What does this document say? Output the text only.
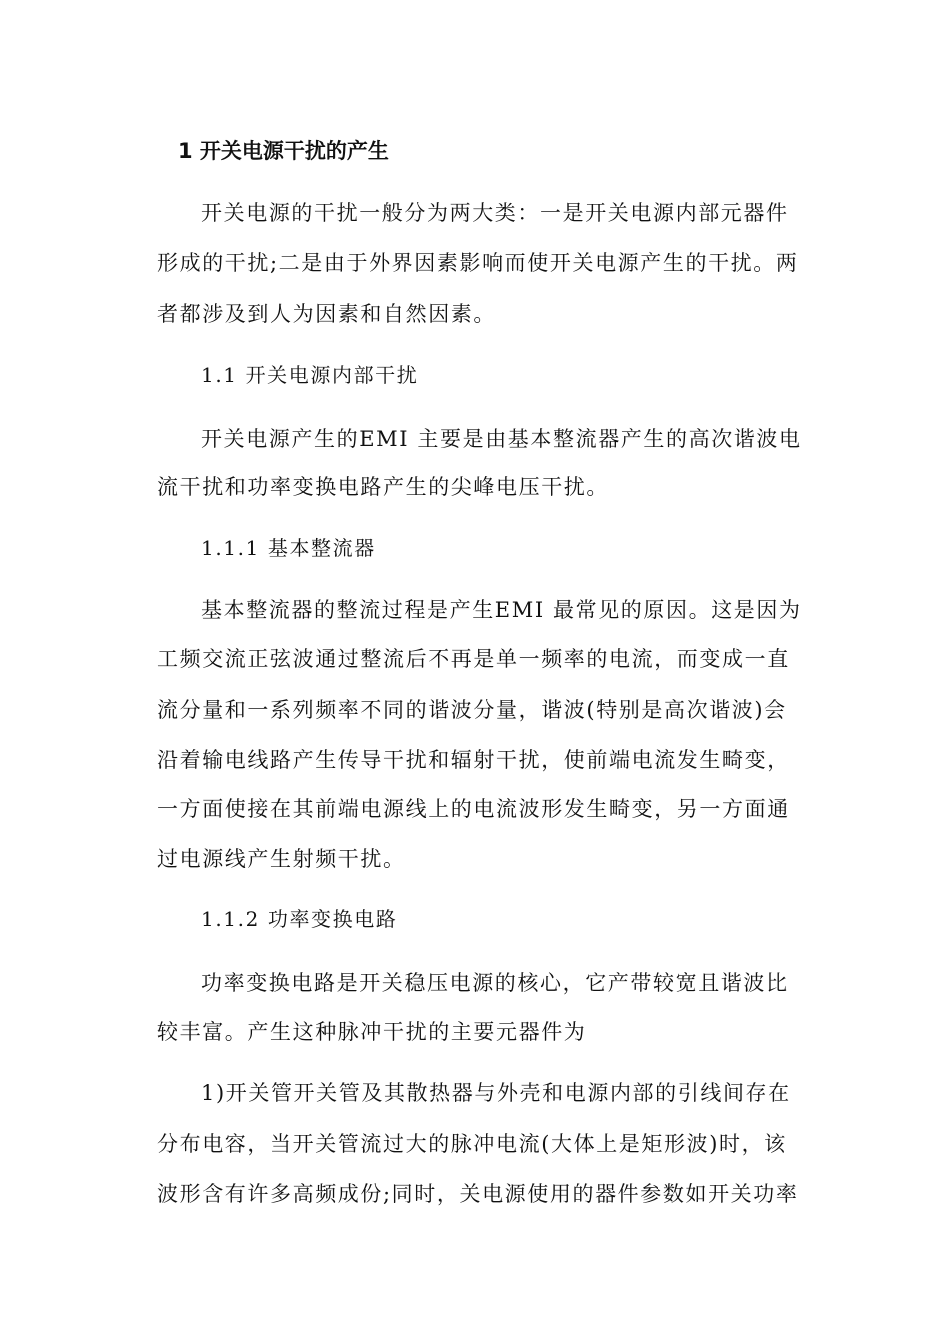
1 开关电源干扰的产生
开关电源的干扰一般分为两大类：一是开关电源内部元器件
形成的干扰;二是由于外界因素影响而使开关电源产生的干扰。两
者都涉及到人为因素和自然因素。
1.1 开关电源内部干扰
开关电源产生的EMI 主要是由基本整流器产生的高次谐波电
流干扰和功率变换电路产生的尖峰电压干扰。
1.1.1 基本整流器
基本整流器的整流过程是产生EMI 最常见的原因。这是因为
工频交流正弦波通过整流后不再是单一频率的电流，而变成一直
流分量和一系列频率不同的谐波分量，谐波(特别是高次谐波)会
沿着输电线路产生传导干扰和辐射干扰，使前端电流发生畸变，
一方面使接在其前端电源线上的电流波形发生畸变，另一方面通
过电源线产生射频干扰。
1.1.2 功率变换电路
功率变换电路是开关稳压电源的核心，它产带较宽且谐波比
较丰富。产生这种脉冲干扰的主要元器件为
1)开关管开关管及其散热器与外壳和电源内部的引线间存在
分布电容，当开关管流过大的脉冲电流(大体上是矩形波)时，该
波形含有许多高频成份;同时，关电源使用的器件参数如开关功率
